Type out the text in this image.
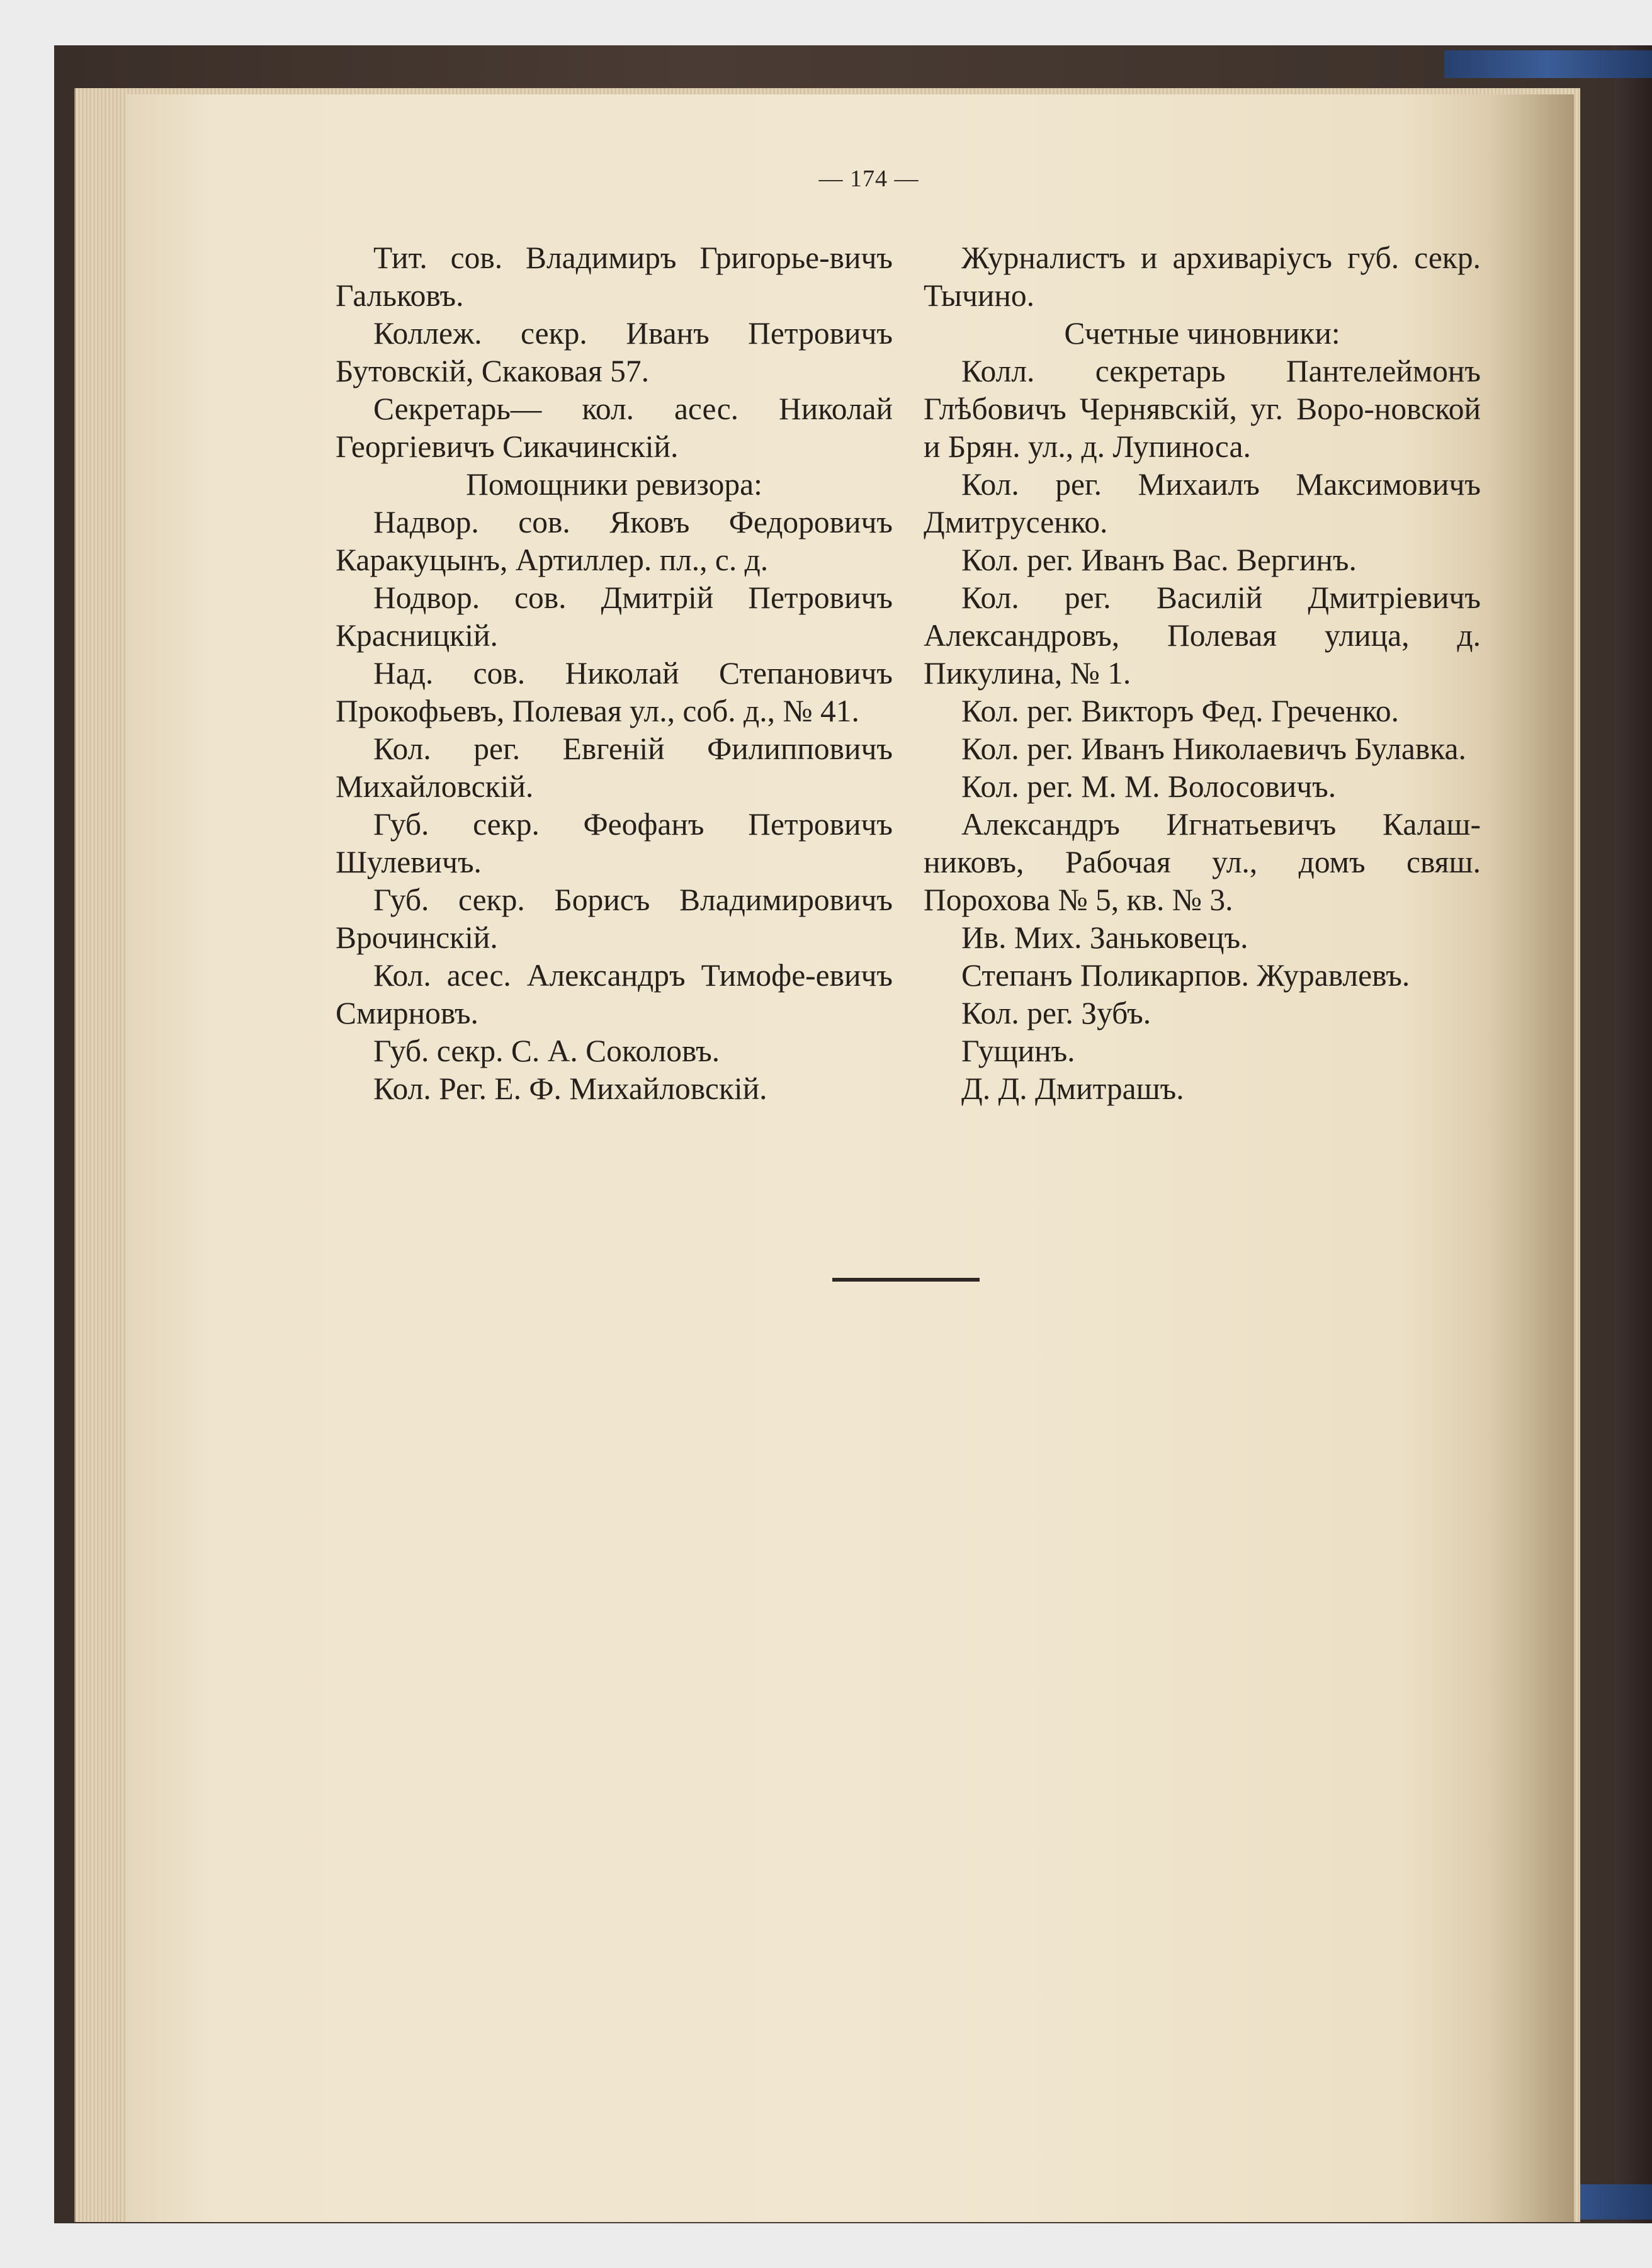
— 174 —

Тит. сов. Владимиръ Григорье-вичъ Гальковъ.

Коллеж. секр. Иванъ Петровичъ Бутовскій, Скаковая 57.

Секретарь— кол. асес. Николай Георгіевичъ Сикачинскій.

Помощники ревизора:

Надвор. сов. Яковъ Федоровичъ Каракуцынъ, Артиллер. пл., с. д.

Нодвор. сов. Дмитрій Петровичъ Красницкій.

Над. сов. Николай Степановичъ Прокофьевъ, Полевая ул., соб. д., № 41.

Кол. рег. Евгеній Филипповичъ Михайловскій.

Губ. секр. Феофанъ Петровичъ Шулевичъ.

Губ. секр. Борисъ Владимировичъ Врочинскій.

Кол. асес. Александръ Тимофе-евичъ Смирновъ.

Губ. секр. С. А. Соколовъ.

Кол. Рег. Е. Ф. Михайловскій.

Журналистъ и архиваріусъ губ. секр. Тычино.

Счетные чиновники:

Колл. секретарь Пантелеймонъ Глѣбовичъ Чернявскій, уг. Воро-новской и Брян. ул., д. Лупиноса.

Кол. рег. Михаилъ Максимовичъ Дмитрусенко.

Кол. рег. Иванъ Вас. Вергинъ.

Кол. рег. Василій Дмитріевичъ Александровъ, Полевая улица, д. Пикулина, № 1.

Кол. рег. Викторъ Фед. Греченко.

Кол. рег. Иванъ Николаевичъ Булавка.

Кол. рег. М. М. Волосовичъ.

Александръ Игнатьевичъ Калаш-никовъ, Рабочая ул., домъ свяш. Порохова № 5, кв. № 3.

Ив. Мих. Заньковецъ.

Степанъ Поликарпов. Журавлевъ.

Кол. рег. Зубъ.

Гущинъ.

Д. Д. Дмитрашъ.
